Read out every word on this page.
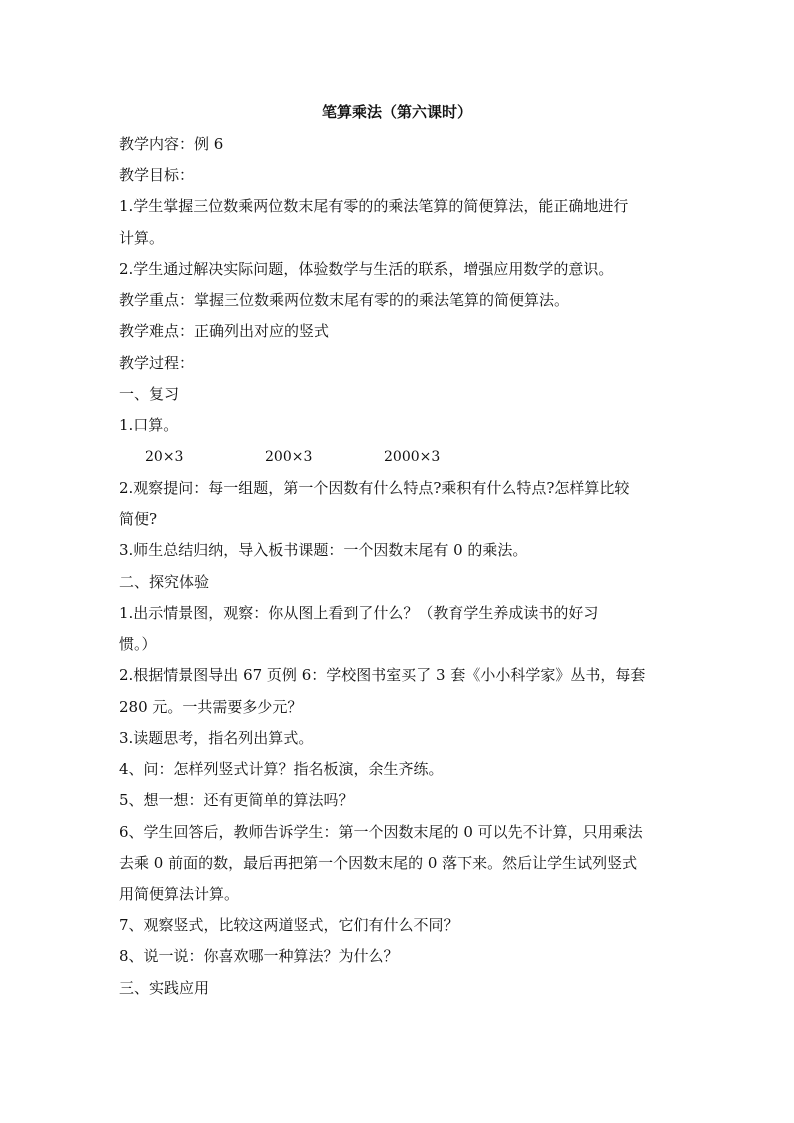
笔算乘法（第六课时）
教学内容：例 6
教学目标：
1.学生掌握三位数乘两位数末尾有零的的乘法笔算的简便算法，能正确地进行
计算。
2.学生通过解决实际问题，体验数学与生活的联系，增强应用数学的意识。
教学重点：掌握三位数乘两位数末尾有零的的乘法笔算的简便算法。
教学难点：正确列出对应的竖式
教学过程：
一、复习
1.口算。
20×3	200×3	2000×3
2.观察提问：每一组题，第一个因数有什么特点?乘积有什么特点?怎样算比较
简便?
3.师生总结归纳，导入板书课题：一个因数末尾有 0 的乘法。
二、探究体验
1.出示情景图，观察：你从图上看到了什么？（教育学生养成读书的好习
惯。）
2.根据情景图导出 67 页例 6：学校图书室买了 3 套《小小科学家》丛书，每套
280 元。一共需要多少元？
3.读题思考，指名列出算式。
4、问：怎样列竖式计算？指名板演，余生齐练。
5、想一想：还有更简单的算法吗？
6、学生回答后，教师告诉学生：第一个因数末尾的 0 可以先不计算，只用乘法
去乘 0 前面的数，最后再把第一个因数末尾的 0 落下来。然后让学生试列竖式
用简便算法计算。
7、观察竖式，比较这两道竖式，它们有什么不同？
8、说一说：你喜欢哪一种算法？为什么？
三、实践应用
